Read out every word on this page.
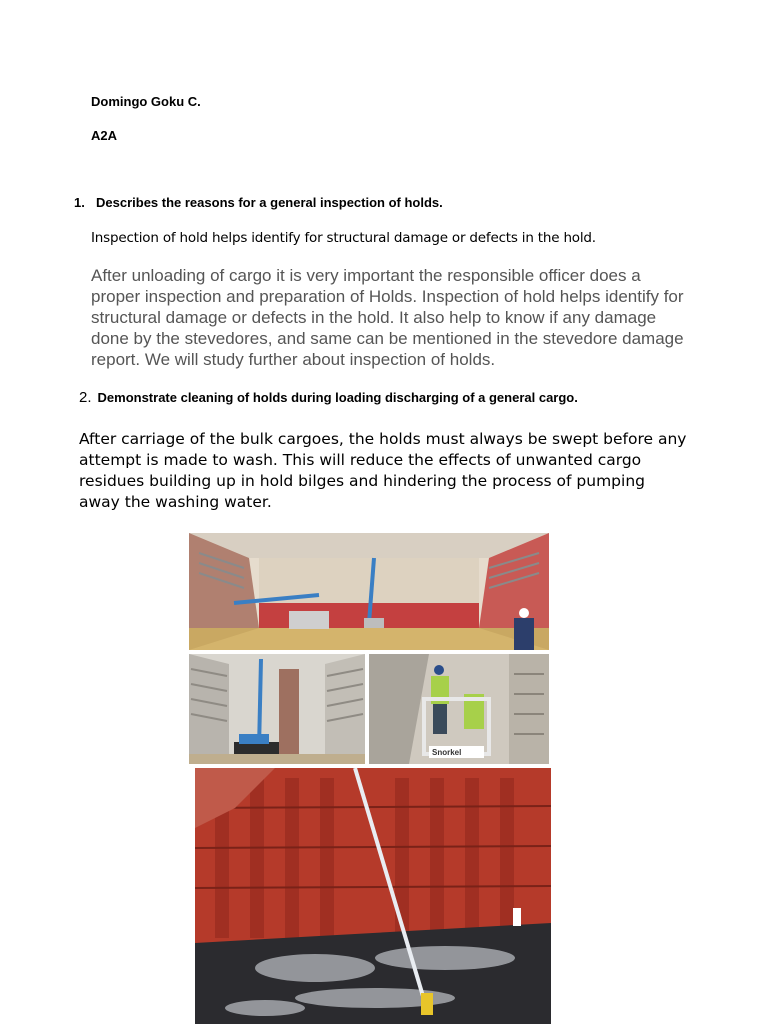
Domingo Goku C.
A2A
1. Describes the reasons for a general inspection of holds.
Inspection of hold helps identify for structural damage or defects in the hold.
After unloading of cargo it is very important the responsible officer does a proper inspection and preparation of Holds. Inspection of hold helps identify for structural damage or defects in the hold. It also help to know if any damage done by the stevedores, and same can be mentioned in the stevedore damage report. We will study further about inspection of holds.
2. Demonstrate cleaning of holds during loading discharging of a general cargo.
After carriage of the bulk cargoes, the holds must always be swept before any attempt is made to wash. This will reduce the effects of unwanted cargo residues building up in hold bilges and hindering the process of pumping away the washing water.
Snorkel
